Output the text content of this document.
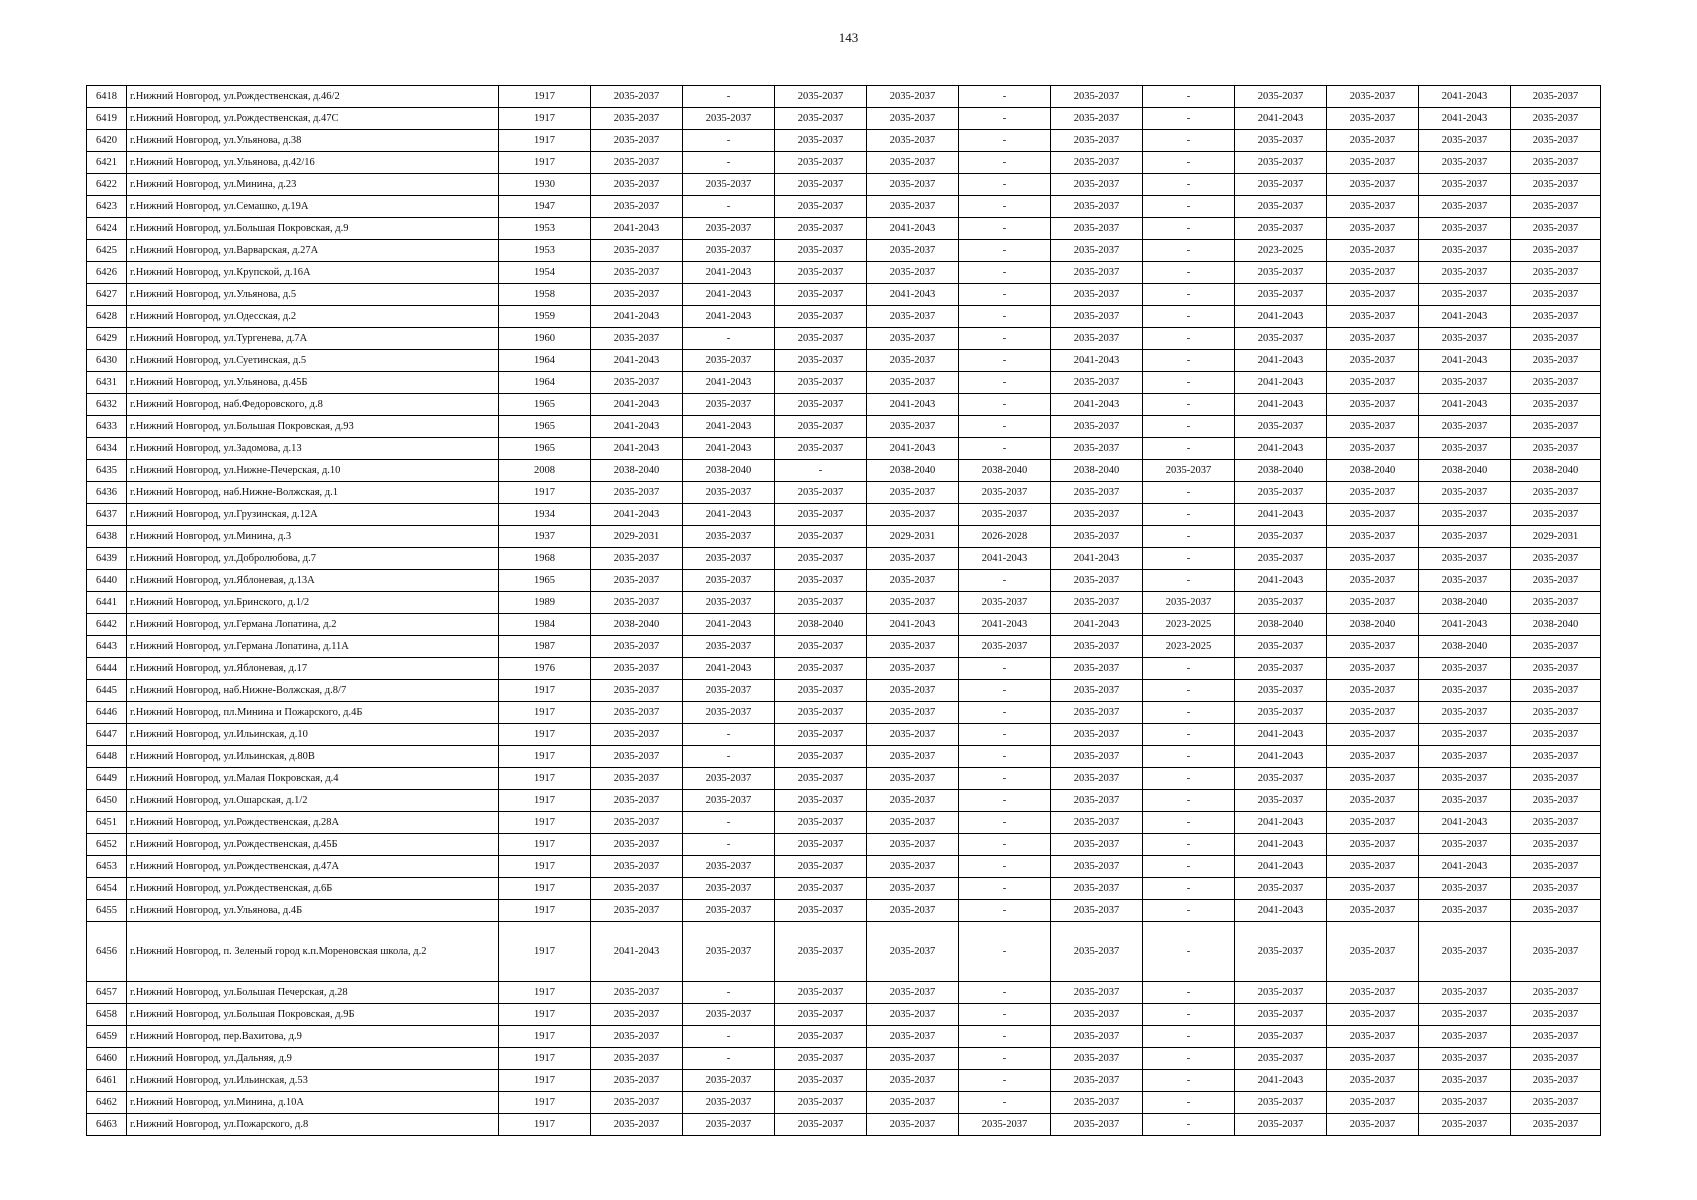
143
6418	г.Нижний Новгород, ул.Рождественская, д.46/2	1917	2035-2037	-	2035-2037	2035-2037	-	2035-2037	-	2035-2037	2035-2037	2041-2043	2035-2037
6419	г.Нижний Новгород, ул.Рождественская, д.47С	1917	2035-2037	2035-2037	2035-2037	2035-2037	-	2035-2037	-	2041-2043	2035-2037	2041-2043	2035-2037
6420	г.Нижний Новгород, ул.Ульянова, д.38	1917	2035-2037	-	2035-2037	2035-2037	-	2035-2037	-	2035-2037	2035-2037	2035-2037	2035-2037
6421	г.Нижний Новгород, ул.Ульянова, д.42/16	1917	2035-2037	-	2035-2037	2035-2037	-	2035-2037	-	2035-2037	2035-2037	2035-2037	2035-2037
6422	г.Нижний Новгород, ул.Минина, д.23	1930	2035-2037	2035-2037	2035-2037	2035-2037	-	2035-2037	-	2035-2037	2035-2037	2035-2037	2035-2037
6423	г.Нижний Новгород, ул.Семашко, д.19А	1947	2035-2037	-	2035-2037	2035-2037	-	2035-2037	-	2035-2037	2035-2037	2035-2037	2035-2037
6424	г.Нижний Новгород, ул.Большая Покровская, д.9	1953	2041-2043	2035-2037	2035-2037	2041-2043	-	2035-2037	-	2035-2037	2035-2037	2035-2037	2035-2037
6425	г.Нижний Новгород, ул.Варварская, д.27А	1953	2035-2037	2035-2037	2035-2037	2035-2037	-	2035-2037	-	2023-2025	2035-2037	2035-2037	2035-2037
6426	г.Нижний Новгород, ул.Крупской, д.16А	1954	2035-2037	2041-2043	2035-2037	2035-2037	-	2035-2037	-	2035-2037	2035-2037	2035-2037	2035-2037
6427	г.Нижний Новгород, ул.Ульянова, д.5	1958	2035-2037	2041-2043	2035-2037	2041-2043	-	2035-2037	-	2035-2037	2035-2037	2035-2037	2035-2037
6428	г.Нижний Новгород, ул.Одесская, д.2	1959	2041-2043	2041-2043	2035-2037	2035-2037	-	2035-2037	-	2041-2043	2035-2037	2041-2043	2035-2037
6429	г.Нижний Новгород, ул.Тургенева, д.7А	1960	2035-2037	-	2035-2037	2035-2037	-	2035-2037	-	2035-2037	2035-2037	2035-2037	2035-2037
6430	г.Нижний Новгород, ул.Суетинская, д.5	1964	2041-2043	2035-2037	2035-2037	2035-2037	-	2041-2043	-	2041-2043	2035-2037	2041-2043	2035-2037
6431	г.Нижний Новгород, ул.Ульянова, д.45Б	1964	2035-2037	2041-2043	2035-2037	2035-2037	-	2035-2037	-	2041-2043	2035-2037	2035-2037	2035-2037
6432	г.Нижний Новгород, наб.Федоровского, д.8	1965	2041-2043	2035-2037	2035-2037	2041-2043	-	2041-2043	-	2041-2043	2035-2037	2041-2043	2035-2037
6433	г.Нижний Новгород, ул.Большая Покровская, д.93	1965	2041-2043	2041-2043	2035-2037	2035-2037	-	2035-2037	-	2035-2037	2035-2037	2035-2037	2035-2037
6434	г.Нижний Новгород, ул.Задомова, д.13	1965	2041-2043	2041-2043	2035-2037	2041-2043	-	2035-2037	-	2041-2043	2035-2037	2035-2037	2035-2037
6435	г.Нижний Новгород, ул.Нижне-Печерская, д.10	2008	2038-2040	2038-2040	-	2038-2040	2038-2040	2038-2040	2035-2037	2038-2040	2038-2040	2038-2040	2038-2040
6436	г.Нижний Новгород, наб.Нижне-Волжская, д.1	1917	2035-2037	2035-2037	2035-2037	2035-2037	2035-2037	2035-2037	-	2035-2037	2035-2037	2035-2037	2035-2037
6437	г.Нижний Новгород, ул.Грузинская, д.12А	1934	2041-2043	2041-2043	2035-2037	2035-2037	2035-2037	2035-2037	-	2041-2043	2035-2037	2035-2037	2035-2037
6438	г.Нижний Новгород, ул.Минина, д.3	1937	2029-2031	2035-2037	2035-2037	2029-2031	2026-2028	2035-2037	-	2035-2037	2035-2037	2035-2037	2029-2031
6439	г.Нижний Новгород, ул.Добролюбова, д.7	1968	2035-2037	2035-2037	2035-2037	2035-2037	2041-2043	2041-2043	-	2035-2037	2035-2037	2035-2037	2035-2037
6440	г.Нижний Новгород, ул.Яблоневая, д.13А	1965	2035-2037	2035-2037	2035-2037	2035-2037	-	2035-2037	-	2041-2043	2035-2037	2035-2037	2035-2037
6441	г.Нижний Новгород, ул.Бринского, д.1/2	1989	2035-2037	2035-2037	2035-2037	2035-2037	2035-2037	2035-2037	2035-2037	2035-2037	2035-2037	2038-2040	2035-2037
6442	г.Нижний Новгород, ул.Германа Лопатина, д.2	1984	2038-2040	2041-2043	2038-2040	2041-2043	2041-2043	2041-2043	2023-2025	2038-2040	2038-2040	2041-2043	2038-2040
6443	г.Нижний Новгород, ул.Германа Лопатина, д.11А	1987	2035-2037	2035-2037	2035-2037	2035-2037	2035-2037	2035-2037	2023-2025	2035-2037	2035-2037	2038-2040	2035-2037
6444	г.Нижний Новгород, ул.Яблоневая, д.17	1976	2035-2037	2041-2043	2035-2037	2035-2037	-	2035-2037	-	2035-2037	2035-2037	2035-2037	2035-2037
6445	г.Нижний Новгород, наб.Нижне-Волжская, д.8/7	1917	2035-2037	2035-2037	2035-2037	2035-2037	-	2035-2037	-	2035-2037	2035-2037	2035-2037	2035-2037
6446	г.Нижний Новгород, пл.Минина и Пожарского, д.4Б	1917	2035-2037	2035-2037	2035-2037	2035-2037	-	2035-2037	-	2035-2037	2035-2037	2035-2037	2035-2037
6447	г.Нижний Новгород, ул.Ильинская, д.10	1917	2035-2037	-	2035-2037	2035-2037	-	2035-2037	-	2041-2043	2035-2037	2035-2037	2035-2037
6448	г.Нижний Новгород, ул.Ильинская, д.80В	1917	2035-2037	-	2035-2037	2035-2037	-	2035-2037	-	2041-2043	2035-2037	2035-2037	2035-2037
6449	г.Нижний Новгород, ул.Малая Покровская, д.4	1917	2035-2037	2035-2037	2035-2037	2035-2037	-	2035-2037	-	2035-2037	2035-2037	2035-2037	2035-2037
6450	г.Нижний Новгород, ул.Ошарская, д.1/2	1917	2035-2037	2035-2037	2035-2037	2035-2037	-	2035-2037	-	2035-2037	2035-2037	2035-2037	2035-2037
6451	г.Нижний Новгород, ул.Рождественская, д.28А	1917	2035-2037	-	2035-2037	2035-2037	-	2035-2037	-	2041-2043	2035-2037	2041-2043	2035-2037
6452	г.Нижний Новгород, ул.Рождественская, д.45Б	1917	2035-2037	-	2035-2037	2035-2037	-	2035-2037	-	2041-2043	2035-2037	2035-2037	2035-2037
6453	г.Нижний Новгород, ул.Рождественская, д.47А	1917	2035-2037	2035-2037	2035-2037	2035-2037	-	2035-2037	-	2041-2043	2035-2037	2041-2043	2035-2037
6454	г.Нижний Новгород, ул.Рождественская, д.6Б	1917	2035-2037	2035-2037	2035-2037	2035-2037	-	2035-2037	-	2035-2037	2035-2037	2035-2037	2035-2037
6455	г.Нижний Новгород, ул.Ульянова, д.4Б	1917	2035-2037	2035-2037	2035-2037	2035-2037	-	2035-2037	-	2041-2043	2035-2037	2035-2037	2035-2037
6456	г.Нижний Новгород, п. Зеленый город к.п.Мореновская школа, д.2	1917	2041-2043	2035-2037	2035-2037	2035-2037	-	2035-2037	-	2035-2037	2035-2037	2035-2037	2035-2037
6457	г.Нижний Новгород, ул.Большая Печерская, д.28	1917	2035-2037	-	2035-2037	2035-2037	-	2035-2037	-	2035-2037	2035-2037	2035-2037	2035-2037
6458	г.Нижний Новгород, ул.Большая Покровская, д.9Б	1917	2035-2037	2035-2037	2035-2037	2035-2037	-	2035-2037	-	2035-2037	2035-2037	2035-2037	2035-2037
6459	г.Нижний Новгород, пер.Вахитова, д.9	1917	2035-2037	-	2035-2037	2035-2037	-	2035-2037	-	2035-2037	2035-2037	2035-2037	2035-2037
6460	г.Нижний Новгород, ул.Дальняя, д.9	1917	2035-2037	-	2035-2037	2035-2037	-	2035-2037	-	2035-2037	2035-2037	2035-2037	2035-2037
6461	г.Нижний Новгород, ул.Ильинская, д.53	1917	2035-2037	2035-2037	2035-2037	2035-2037	-	2035-2037	-	2041-2043	2035-2037	2035-2037	2035-2037
6462	г.Нижний Новгород, ул.Минина, д.10А	1917	2035-2037	2035-2037	2035-2037	2035-2037	-	2035-2037	-	2035-2037	2035-2037	2035-2037	2035-2037
6463	г.Нижний Новгород, ул.Пожарского, д.8	1917	2035-2037	2035-2037	2035-2037	2035-2037	2035-2037	2035-2037	-	2035-2037	2035-2037	2035-2037	2035-2037
